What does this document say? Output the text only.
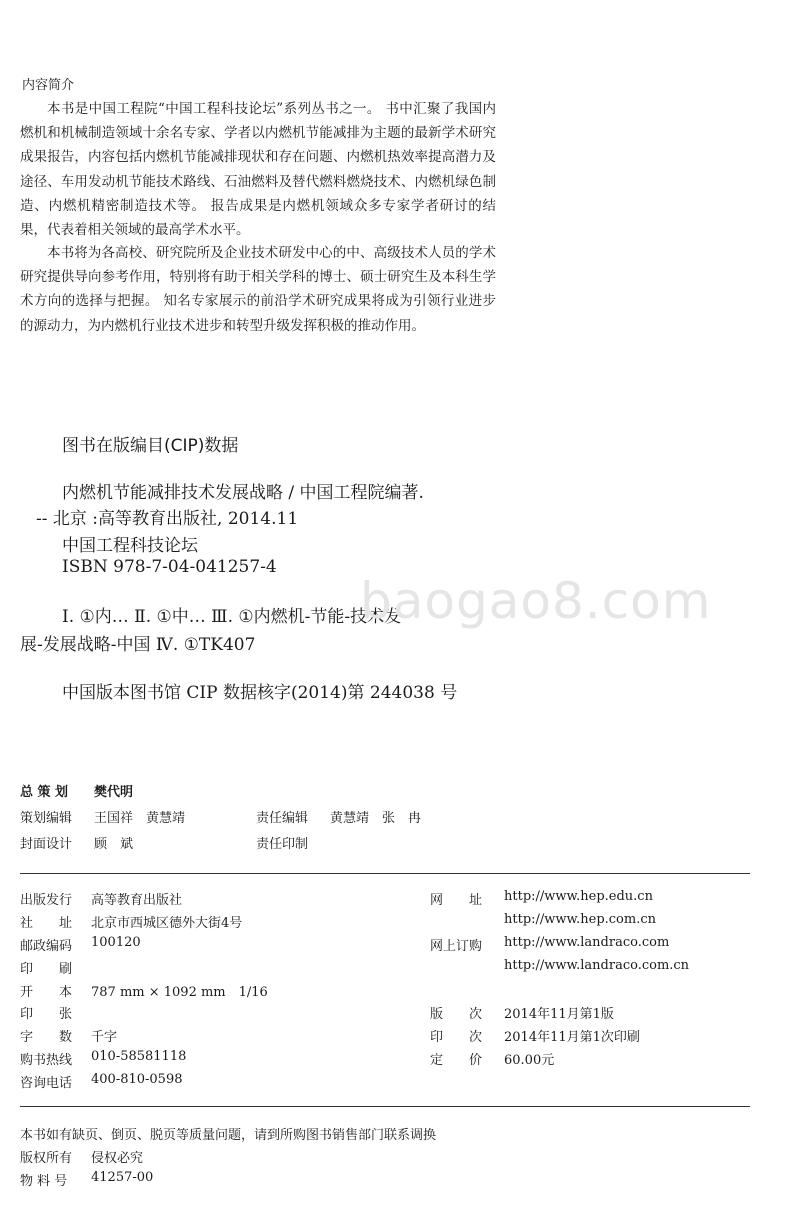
内容简介
本书是中国工程院“中国工程科技论坛”系列丛书之一。 书中汇聚了我国内燃机和机械制造领域十余名专家、学者以内燃机节能减排为主题的最新学术研究成果报告，内容包括内燃机节能减排现状和存在问题、内燃机热效率提高潜力及途径、车用发动机节能技术路线、石油燃料及替代燃料燃烧技术、内燃机绿色制造、内燃机精密制造技术等。 报告成果是内燃机领域众多专家学者研讨的结果，代表着相关领域的最高学术水平。
本书将为各高校、研究院所及企业技术研发中心的中、高级技术人员的学术研究提供导向参考作用，特别将有助于相关学科的博士、硕士研究生及本科生学术方向的选择与把握。 知名专家展示的前沿学术研究成果将成为引领行业进步的源动力，为内燃机行业技术进步和转型升级发挥积极的推动作用。
图书在版编目(CIP)数据
内燃机节能减排技术发展战略 / 中国工程院编著.
-- 北京 :高等教育出版社, 2014.11
中国工程科技论坛
ISBN 978-7-04-041257-4
Ⅰ. ①内… Ⅱ. ①中… Ⅲ. ①内燃机-节能-技术发
展-发展战略-中国 Ⅳ. ①TK407
中国版本图书馆 CIP 数据核字(2014)第 244038 号
baogao8.com
总 策 划 樊代明
策划编辑 王国祥　黄慧靖	责任编辑 黄慧靖　张　冉
封面设计 顾　斌	责任印制
出版发行 高等教育出版社
社　　址 北京市西城区德外大街4号
邮政编码 100120
印　　刷
开　　本 787 mm × 1092 mm　1/16
印　　张
字　　数 千字
购书热线 010-58581118
咨询电话 400-810-0598
网　　址 http://www.hep.edu.cn
http://www.hep.com.cn
网上订购 http://www.landraco.com
http://www.landraco.com.cn
版　　次 2014年11月第1版
印　　次 2014年11月第1次印刷
定　　价 60.00元
本书如有缺页、倒页、脱页等质量问题，请到所购图书销售部门联系调换
版权所有 侵权必究
物 料 号 41257-00
